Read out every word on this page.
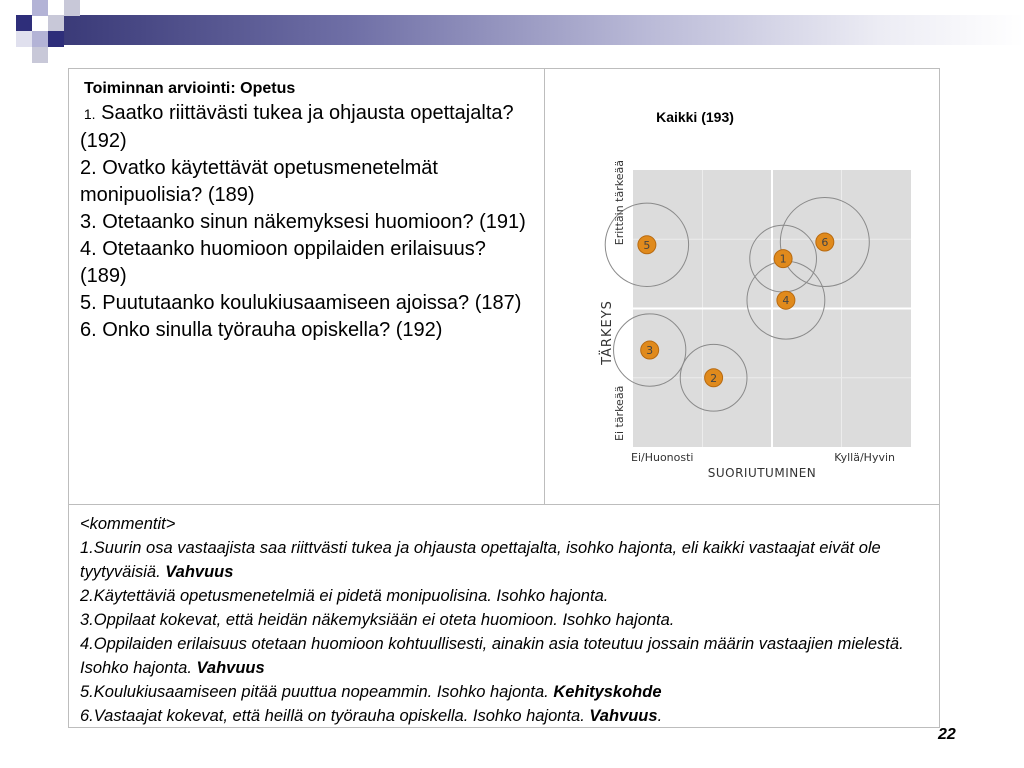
Toiminnan arviointi: Opetus

1. Saatko riittävästi tukea ja ohjausta opettajalta? (192)

2. Ovatko käytettävät opetusmenetelmät monipuolisia? (189)

3. Otetaanko sinun näkemyksesi huomioon? (191)

4. Otetaanko huomioon oppilaiden erilaisuus? (189)

5. Puututaanko koulukiusaamiseen ajoissa? (187)

6. Onko sinulla työrauha opiskella? (192)

Kaikki (193)
1
2
3
4
5	6
Ei/Huonosti	Kyllä/Hyvin
SUORIUTUMINEN
Ei tärkeää
Erittäin tärkeää
TÄRKEYS

<kommentit>

1.Suurin osa vastaajista saa riittvästi tukea ja ohjausta opettajalta, isohko hajonta, eli kaikki vastaajat eivät ole tyytyväisiä. Vahvuus

2.Käytettäviä opetusmenetelmiä ei pidetä monipuolisina. Isohko hajonta.

3.Oppilaat kokevat, että heidän näkemyksiään ei oteta huomioon. Isohko hajonta.

4.Oppilaiden erilaisuus otetaan huomioon kohtuullisesti, ainakin asia toteutuu jossain määrin vastaajien mielestä. Isohko hajonta. Vahvuus

5.Koulukiusaamiseen pitää puuttua nopeammin. Isohko hajonta. Kehityskohde

6.Vastaajat kokevat, että heillä on työrauha opiskella. Isohko hajonta. Vahvuus.

22
